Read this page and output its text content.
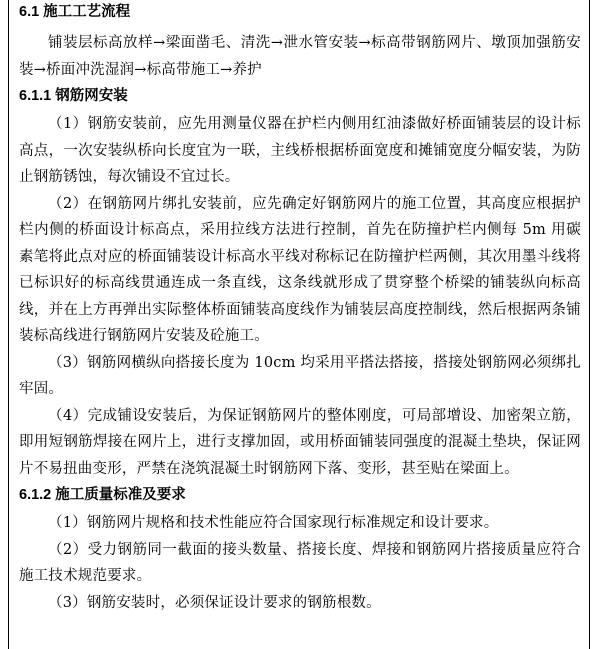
6.1 施工工艺流程

铺装层标高放样→梁面凿毛、清洗→泄水管安装→标高带钢筋网片、墩顶加强筋安装→桥面冲洗湿润→标高带施工→养护

6.1.1 钢筋网安装

（1）钢筋安装前，应先用测量仪器在护栏内侧用红油漆做好桥面铺装层的设计标高点，一次安装纵桥向长度宜为一联，主线桥根据桥面宽度和摊铺宽度分幅安装，为防止钢筋锈蚀，每次铺设不宜过长。

（2）在钢筋网片绑扎安装前，应先确定好钢筋网片的施工位置，其高度应根据护栏内侧的桥面设计标高点，采用拉线方法进行控制，首先在防撞护栏内侧每 5m 用碳素笔将此点对应的桥面铺装设计标高水平线对称标记在防撞护栏两侧，其次用墨斗线将已标识好的标高线贯通连成一条直线，这条线就形成了贯穿整个桥梁的铺装纵向标高线，并在上方再弹出实际整体桥面铺装高度线作为铺装层高度控制线，然后根据两条铺装标高线进行钢筋网片安装及砼施工。

（3）钢筋网横纵向搭接长度为 10cm 均采用平搭法搭接，搭接处钢筋网必须绑扎牢固。

（4）完成铺设安装后，为保证钢筋网片的整体刚度，可局部增设、加密架立筋，即用短钢筋焊接在网片上，进行支撑加固，或用桥面铺装同强度的混凝土垫块，保证网片不易扭曲变形，严禁在浇筑混凝土时钢筋网下落、变形，甚至贴在梁面上。

6.1.2 施工质量标准及要求

（1）钢筋网片规格和技术性能应符合国家现行标准规定和设计要求。

（2）受力钢筋同一截面的接头数量、搭接长度、焊接和钢筋网片搭接质量应符合施工技术规范要求。

（3）钢筋安装时，必须保证设计要求的钢筋根数。
